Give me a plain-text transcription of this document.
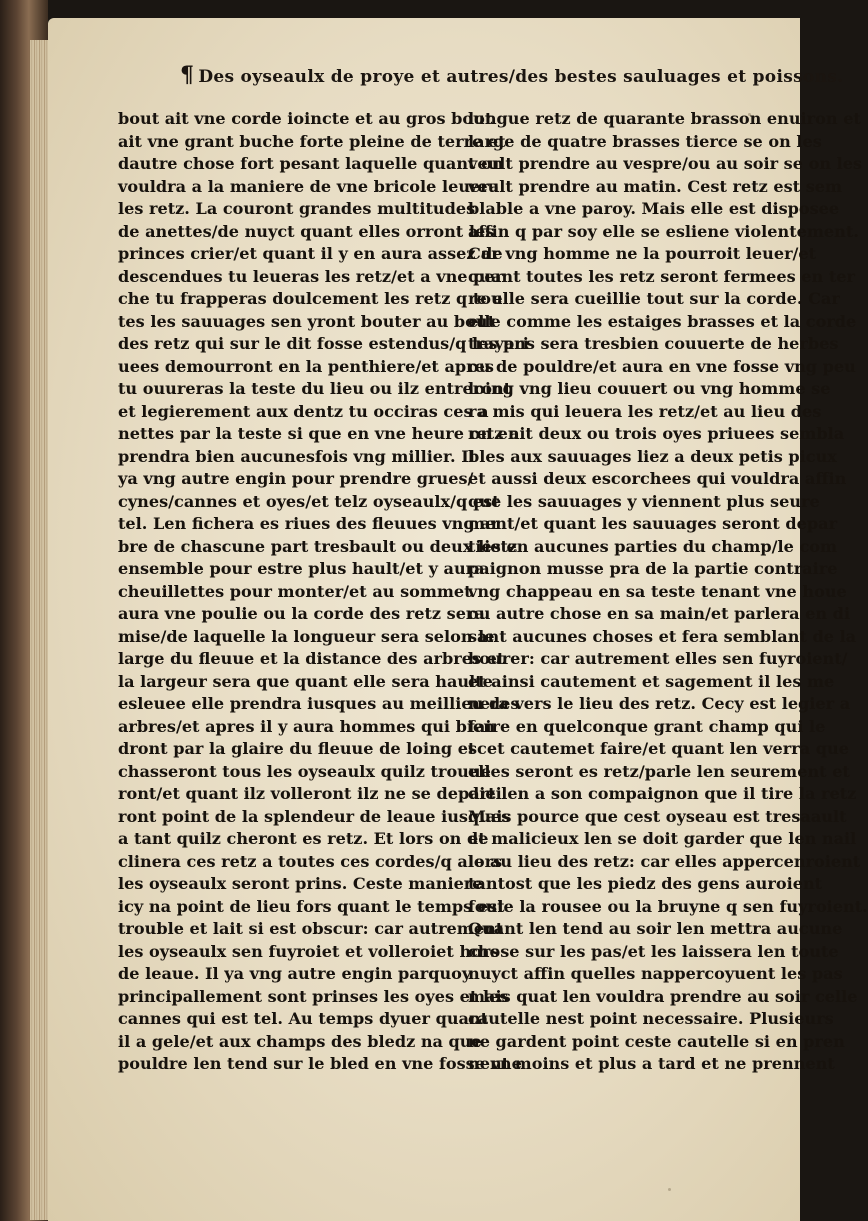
¶ Des oyseaulx de proye et autres/des bestes sauluages et poissons.
bout ait vne corde ioincte et au gros bout
ait vne grant buche forte pleine de terre et
dautre chose fort pesant laquelle quant on
vouldra a la maniere de vne bricole leuera
les retz. La couront grandes multitudes
de anettes/de nuyct quant elles orront les
princes crier/et quant il y en aura assez de
descendues tu leueras les retz/et a vne per
che tu frapperas doulcement les retz q tou
tes les sauuages sen yront bouter au bout
des retz qui sur le dit fosse estendus/q les pri
uees demourront en la penthiere/et apres
tu ouureras la teste du lieu ou ilz entreront
et legierement aux dentz tu occiras ces a
nettes par la teste si que en vne heure on en
prendra bien aucunesfois vng millier. Il
ya vng autre engin pour prendre grues/
cynes/cannes et oyes/et telz oyseaulx/q est
tel. Len fichera es riues des fleuues vng ar
bre de chascune part tresbault ou deux lietz
ensemble pour estre plus hault/et y aura
cheuillettes pour monter/et au sommet
aura vne poulie ou la corde des retz sera
mise/de laquelle la longueur sera selon le
large du fleuue et la distance des arbres et
la largeur sera que quant elle sera haulte
esleuee elle prendra iusques au meillieu des
arbres/et apres il y aura hommes qui bien
dront par la glaire du fleuue de loing et
chasseront tous les oyseaulx quilz trouue
ront/et quant ilz volleront ilz ne se departi
ront point de la splendeur de leaue iusques
a tant quilz cheront es retz. Et lors on de
clinera ces retz a toutes ces cordes/q alors
les oyseaulx seront prins. Ceste maniere
icy na point de lieu fors quant le temps est
trouble et lait si est obscur: car autrement
les oyseaulx sen fuyroiet et volleroiet hors
de leaue. Il ya vng autre engin parquoy
principallement sont prinses les oyes et les
cannes qui est tel. Au temps dyuer quant
il a gele/et aux champs des bledz na que
pouldre len tend sur le bled en vne fosse vne
longue retz de quarante brasson enuiron et
large de quatre brasses tierce se on les
veult prendre au vespre/ou au soir se on les
veult prendre au matin. Cest retz est sem
blable a vne paroy. Mais elle est disposee
affin q par soy elle se esliene violentement.
Car vng homme ne la pourroit leuer/et
quant toutes les retz seront fermees en ter
re elle sera cueillie tout sur la corde. Car
elle comme les estaiges brasses et la corde
trayans sera tresbien couuerte de herbes
ou de pouldre/et aura en vne fosse vng peu
loing vng lieu couuert ou vng homme se
ra mis qui leuera les retz/et au lieu des
retz ait deux ou trois oyes priuees sembla
bles aux sauuages liez a deux petis picux
et aussi deux escorchees qui vouldra affin
que les sauuages y viennent plus seure
ment/et quant les sauuages seront depar
ties en aucunes parties du champ/le com
paignon musse pra de la partie contraire
vng chappeau en sa teste tenant vne houe
ou autre chose en sa main/et parlera en di
sant aucunes choses et fera semblant de la
bourer: car autrement elles sen fuyroient/
et ainsi cautement et sagement il les me
nera vers le lieu des retz. Cecy est legier a
faire en quelconque grant champ qui le
scet cautemet faire/et quant len verra que
elles seront es retz/parle len seurement et
die len a son compaignon que il tire la retz
Mais pource que cest oyseau est tresaault
et malicieux len se doit garder que len nail
le au lieu des retz: car elles appercenroient
tantost que les piedz des gens auroient
foule la rousee ou la bruyne q sen fuyroient.
Quant len tend au soir len mettra aucune
chose sur les pas/et les laissera len toute
nuyct affin quelles nappercoyuent les pas
mais quat len vouldra prendre au soir celle
cautelle nest point necessaire. Plusieurs
ne gardent point ceste cautelle si en pren
nent moins et plus a tard et ne prennent
